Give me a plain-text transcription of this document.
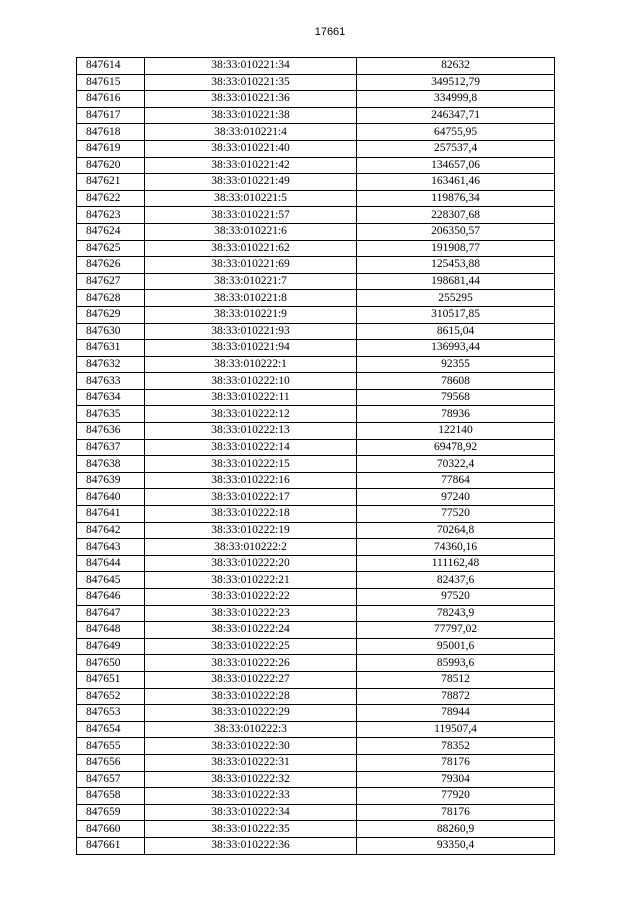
17661
847614	38:33:010221:34	82632
847615	38:33:010221:35	349512,79
847616	38:33:010221:36	334999,8
847617	38:33:010221:38	246347,71
847618	38:33:010221:4	64755,95
847619	38:33:010221:40	257537,4
847620	38:33:010221:42	134657,06
847621	38:33:010221:49	163461,46
847622	38:33:010221:5	119876,34
847623	38:33:010221:57	228307,68
847624	38:33:010221:6	206350,57
847625	38:33:010221:62	191908,77
847626	38:33:010221:69	125453,88
847627	38:33:010221:7	198681,44
847628	38:33:010221:8	255295
847629	38:33:010221:9	310517,85
847630	38:33:010221:93	8615,04
847631	38:33:010221:94	136993,44
847632	38:33:010222:1	92355
847633	38:33:010222:10	78608
847634	38:33:010222:11	79568
847635	38:33:010222:12	78936
847636	38:33:010222:13	122140
847637	38:33:010222:14	69478,92
847638	38:33:010222:15	70322,4
847639	38:33:010222:16	77864
847640	38:33:010222:17	97240
847641	38:33:010222:18	77520
847642	38:33:010222:19	70264,8
847643	38:33:010222:2	74360,16
847644	38:33:010222:20	111162,48
847645	38:33:010222:21	82437,6
847646	38:33:010222:22	97520
847647	38:33:010222:23	78243,9
847648	38:33:010222:24	77797,02
847649	38:33:010222:25	95001,6
847650	38:33:010222:26	85993,6
847651	38:33:010222:27	78512
847652	38:33:010222:28	78872
847653	38:33:010222:29	78944
847654	38:33:010222:3	119507,4
847655	38:33:010222:30	78352
847656	38:33:010222:31	78176
847657	38:33:010222:32	79304
847658	38:33:010222:33	77920
847659	38:33:010222:34	78176
847660	38:33:010222:35	88260,9
847661	38:33:010222:36	93350,4
